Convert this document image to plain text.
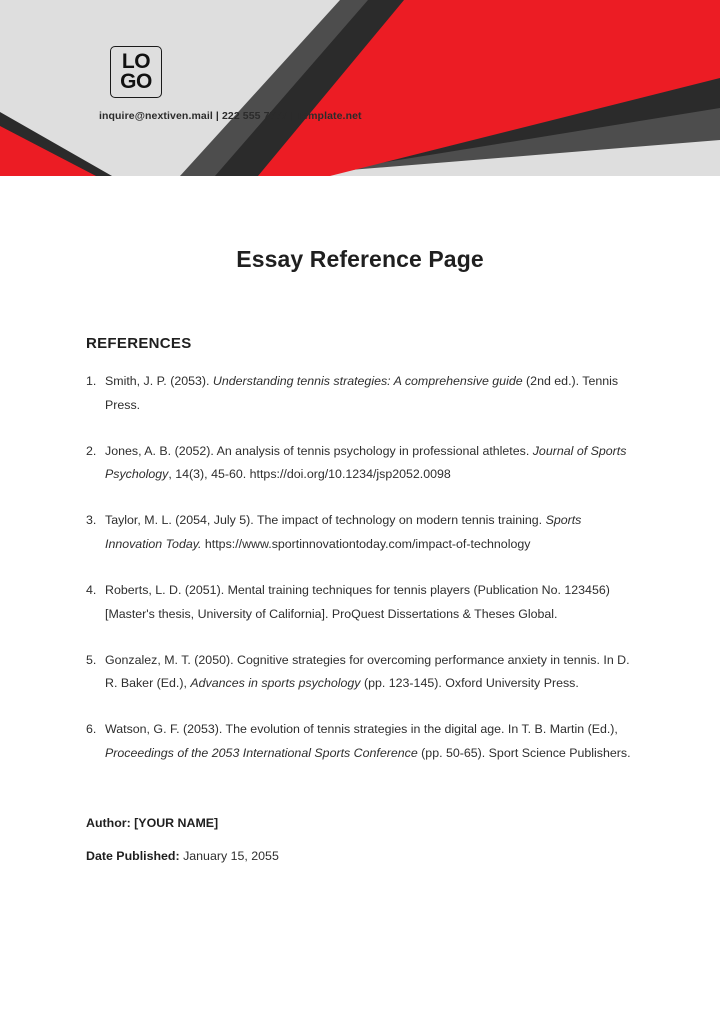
LO
GO
inquire@nextiven.mail | 222 555 7777 | Template.net
Essay Reference Page
REFERENCES
1. Smith, J. P. (2053). Understanding tennis strategies: A comprehensive guide (2nd ed.). Tennis Press.
2. Jones, A. B. (2052). An analysis of tennis psychology in professional athletes. Journal of Sports Psychology, 14(3), 45-60. https://doi.org/10.1234/jsp2052.0098
3. Taylor, M. L. (2054, July 5). The impact of technology on modern tennis training. Sports Innovation Today. https://www.sportinnovationtoday.com/impact-of-technology
4. Roberts, L. D. (2051). Mental training techniques for tennis players (Publication No. 123456) [Master's thesis, University of California]. ProQuest Dissertations & Theses Global.
5. Gonzalez, M. T. (2050). Cognitive strategies for overcoming performance anxiety in tennis. In D. R. Baker (Ed.), Advances in sports psychology (pp. 123-145). Oxford University Press.
6. Watson, G. F. (2053). The evolution of tennis strategies in the digital age. In T. B. Martin (Ed.), Proceedings of the 2053 International Sports Conference (pp. 50-65). Sport Science Publishers.
Author: [YOUR NAME]
Date Published: January 15, 2055
